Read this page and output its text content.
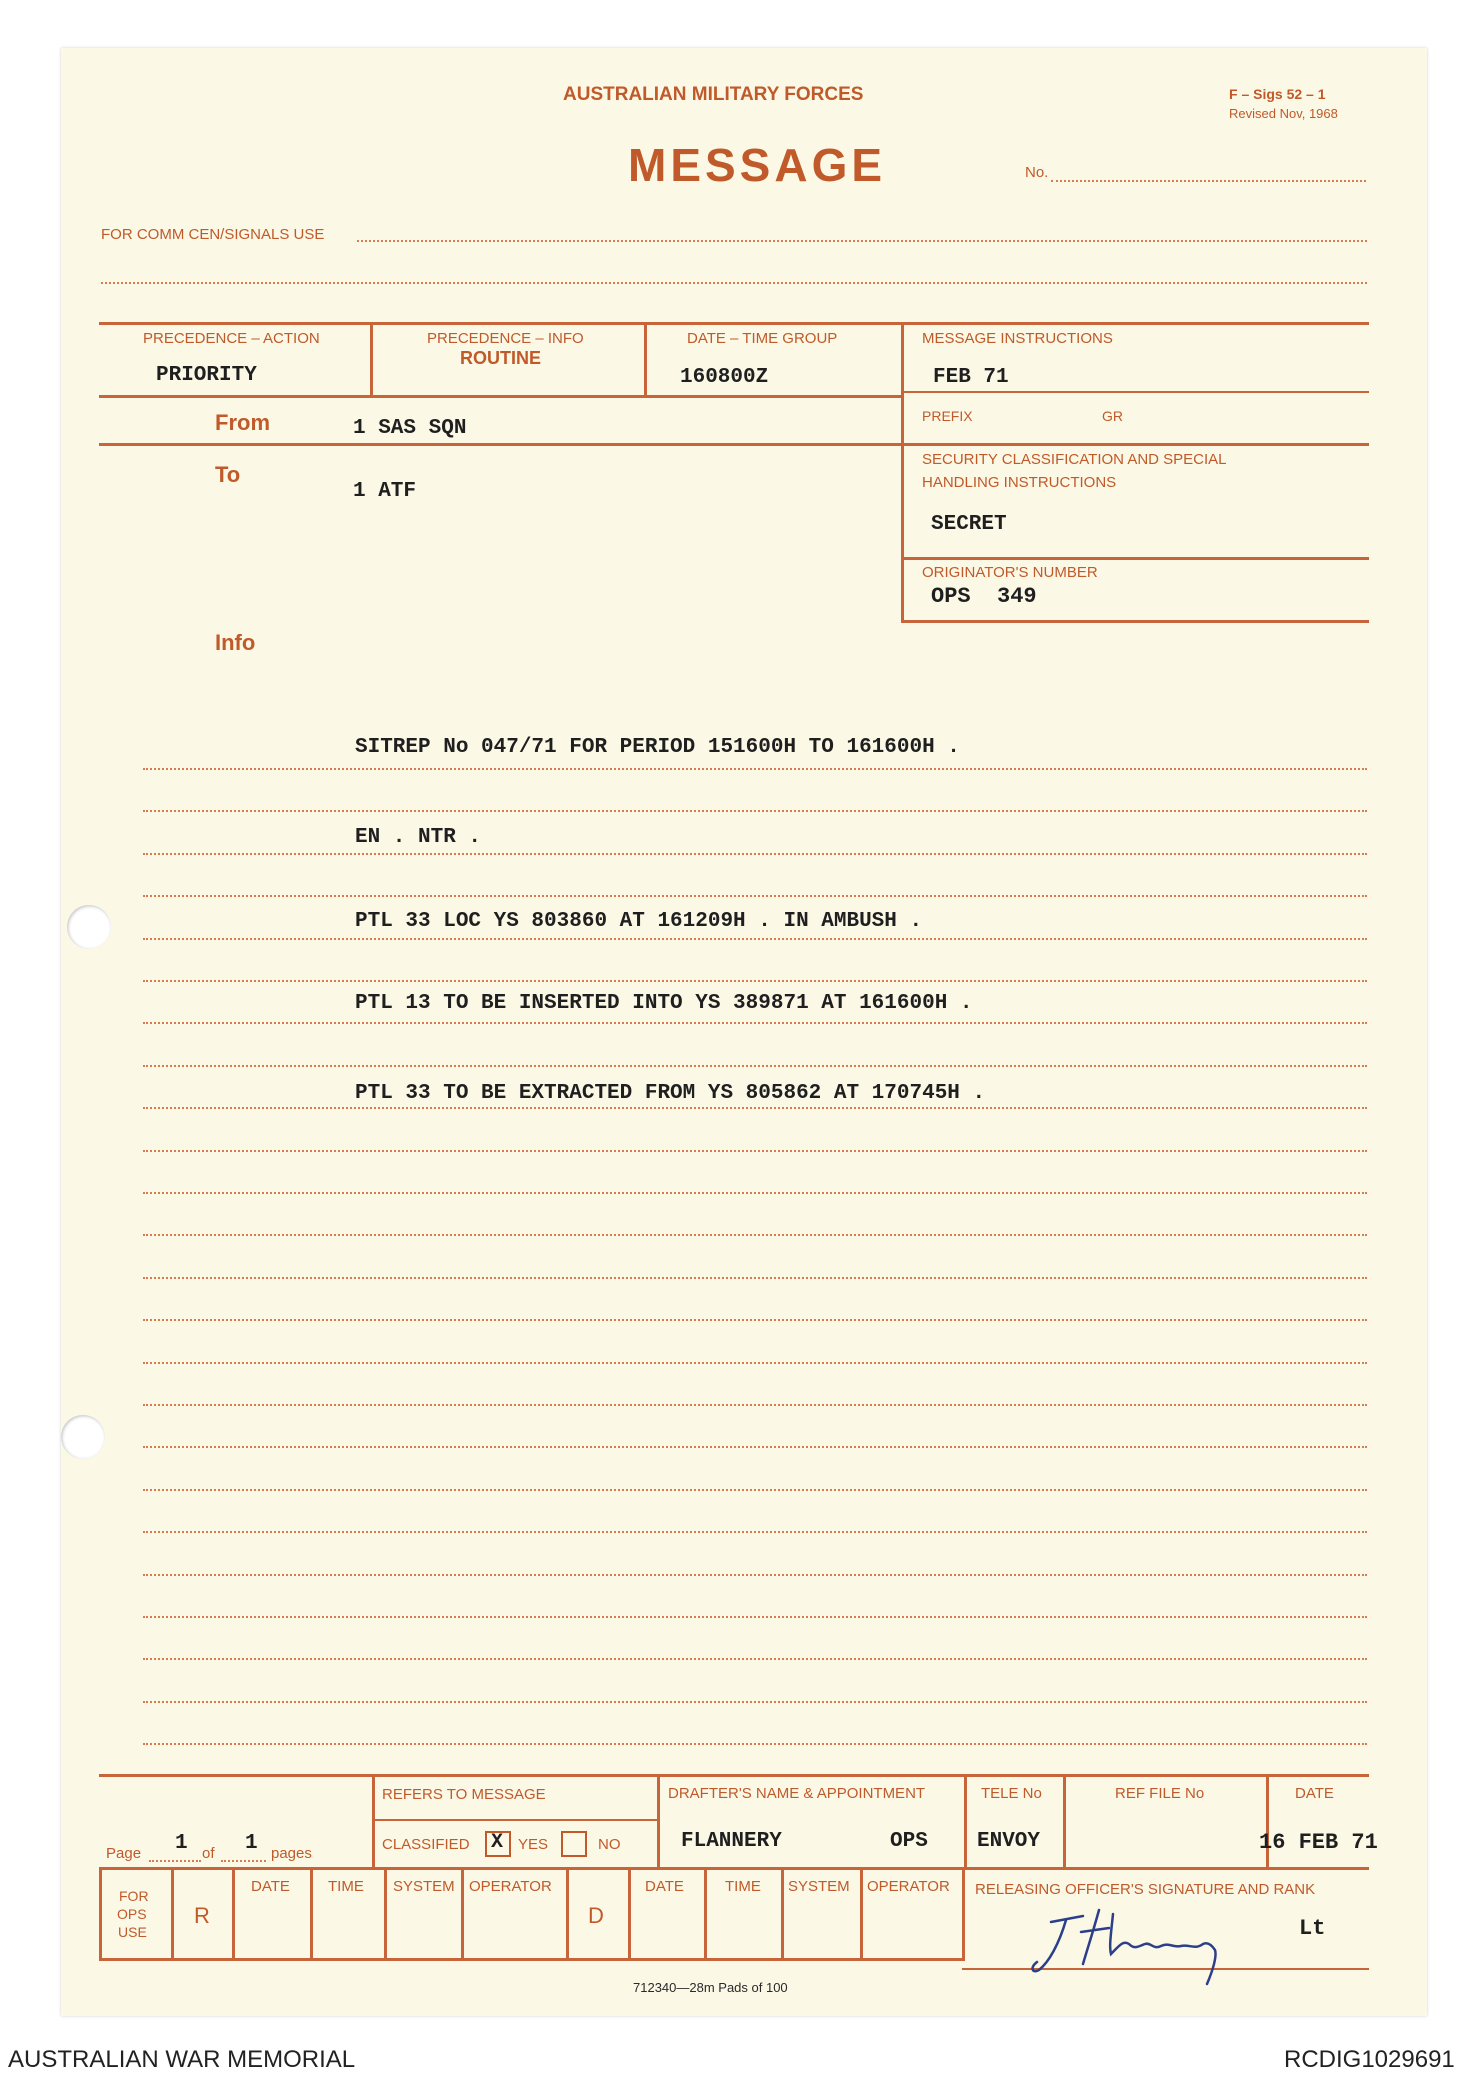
AUSTRALIAN MILITARY FORCES	F – Sigs 52 – 1
Revised Nov, 1968
MESSAGE	No.
FOR COMM CEN/SIGNALS USE
PRECEDENCE – ACTION
PRIORITY
PRECEDENCE – INFO
ROUTINE
DATE – TIME GROUP
160800Z
MESSAGE INSTRUCTIONS
FEB 71
PREFIX	GR
SECURITY CLASSIFICATION AND SPECIAL
HANDLING INSTRUCTIONS
SECRET
ORIGINATOR'S NUMBER
OPS  349
From	1 SAS SQN
To
1 ATF
Info
SITREP No 047/71 FOR PERIOD 151600H TO 161600H .
EN . NTR .
PTL 33 LOC YS 803860 AT 161209H . IN AMBUSH .
PTL 13 TO BE INSERTED INTO YS 389871 AT 161600H .
PTL 33 TO BE EXTRACTED FROM YS 805862 AT 170745H .
Page 1 of 1 pages
REFERS TO MESSAGE
CLASSIFIED X YES	NO
DRAFTER'S NAME & APPOINTMENT
FLANNERY	OPS
TELE No
ENVOY
REF FILE No	DATE
16 FEB 71
FOR
OPS
USE
R
DATE	TIME SYSTEM OPERATOR
D
DATE	TIME SYSTEM OPERATOR RELEASING OFFICER'S SIGNATURE AND RANK
Lt
712340—28m Pads of 100
AUSTRALIAN WAR MEMORIAL	RCDIG1029691
